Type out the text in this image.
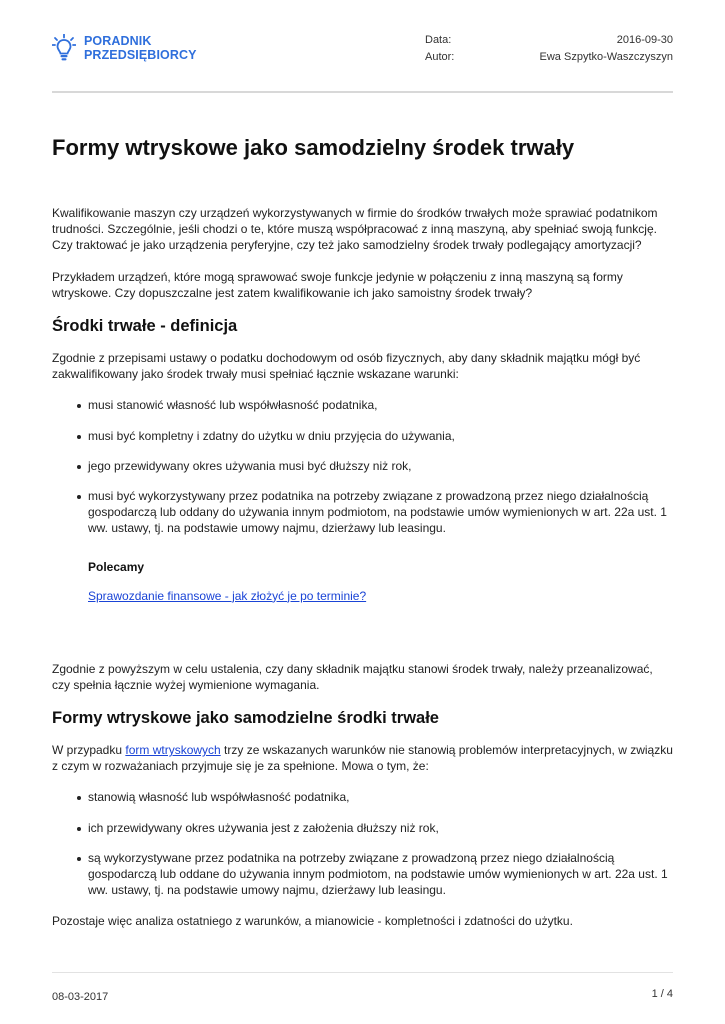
PORADNIK
PRZEDSIĘBIORCY
Data:	2016-09-30
Autor:	Ewa Szpytko-Waszczyszyn
Formy wtryskowe jako samodzielny środek trwały

Kwalifikowanie maszyn czy urządzeń wykorzystywanych w firmie do środków trwałych może sprawiać podatnikom trudności. Szczególnie, jeśli chodzi o te, które muszą współpracować z inną maszyną, aby spełniać swoją funkcję. Czy traktować je jako urządzenia peryferyjne, czy też jako samodzielny środek trwały podlegający amortyzacji?

Przykładem urządzeń, które mogą sprawować swoje funkcje jedynie w połączeniu z inną maszyną są formy wtryskowe. Czy dopuszczalne jest zatem kwalifikowanie ich jako samoistny środek trwały?

Środki trwałe - definicja

Zgodnie z przepisami ustawy o podatku dochodowym od osób fizycznych, aby dany składnik majątku mógł być zakwalifikowany jako środek trwały musi spełniać łącznie wskazane warunki:

musi stanowić własność lub współwłasność podatnika,
musi być kompletny i zdatny do użytku w dniu przyjęcia do używania,
jego przewidywany okres używania musi być dłuższy niż rok,
musi być wykorzystywany przez podatnika na potrzeby związane z prowadzoną przez niego działalnością gospodarczą lub oddany do używania innym podmiotom, na podstawie umów wymienionych w art. 22a ust. 1 ww. ustawy, tj. na podstawie umowy najmu, dzierżawy lub leasingu.
Polecamy
Sprawozdanie finansowe - jak złożyć je po terminie?

Zgodnie z powyższym w celu ustalenia, czy dany składnik majątku stanowi środek trwały, należy przeanalizować, czy spełnia łącznie wyżej wymienione wymagania.

Formy wtryskowe jako samodzielne środki trwałe

W przypadku form wtryskowych trzy ze wskazanych warunków nie stanowią problemów interpretacyjnych, w związku z czym w rozważaniach przyjmuje się je za spełnione. Mowa o tym, że:

stanowią własność lub współwłasność podatnika,
ich przewidywany okres używania jest z założenia dłuższy niż rok,
są wykorzystywane przez podatnika na potrzeby związane z prowadzoną przez niego działalnością gospodarczą lub oddane do używania innym podmiotom, na podstawie umów wymienionych w art. 22a ust. 1 ww. ustawy, tj. na podstawie umowy najmu, dzierżawy lub leasingu.

Pozostaje więc analiza ostatniego z warunków, a mianowicie - kompletności i zdatności do użytku.

08-03-2017	1 / 4
